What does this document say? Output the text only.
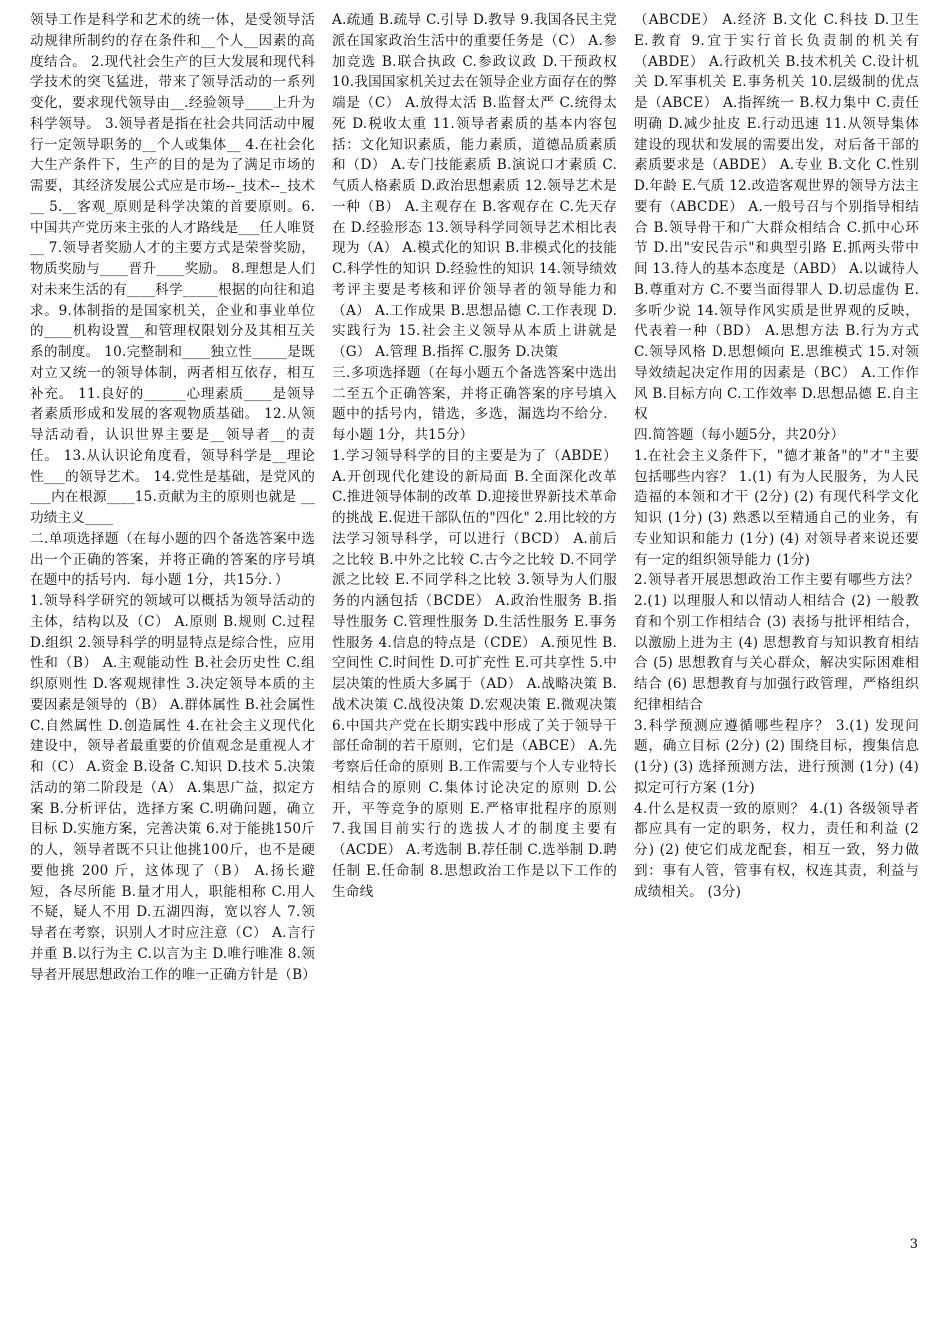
领导工作是科学和艺术的统一体，是受领导活动规律所制约的存在条件和__个人__因素的高度结合。 2.现代社会生产的巨大发展和现代科学技术的突飞猛进，带来了领导活动的一系列变化，要求现代领导由__.经验领导____上升为科学领导。 3.领导者是指在社会共同活动中履行一定领导职务的__个人或集体__ 4.在社会化大生产条件下，生产的目的是为了满足市场的需要，其经济发展公式应是市场--_技术--_技术__ 5.__客观_原则是科学决策的首要原则。6.中国共产党历来主张的人才路线是___任人唯贤__ 7.领导者奖励人才的主要方式是荣誉奖励，物质奖励与____晋升____奖励。 8.理想是人们对未来生活的有____科学_____根据的向往和追求。9.体制指的是国家机关，企业和事业单位的____机构设置__和管理权限划分及其相互关系的制度。 10.完整制和____独立性_____是既对立又统一的领导体制，两者相互依存，相互补充。 11.良好的______心理素质____是领导者素质形成和发展的客观物质基础。 12.从领导活动看，认识世界主要是__领导者__的责任。 13.从认识论角度看，领导科学是__理论性___的领导艺术。 14.党性是基础，是党风的___内在根源____15.贡献为主的原则也就是 __功绩主义____

二.单项选择题（在每小题的四个备选答案中选出一个正确的答案，并将正确的答案的序号填在题中的括号内．每小题 1分，共15分．）

1.领导科学研究的领域可以概括为领导活动的主体，结构以及（C） A.原则 B.规则 C.过程 D.组织 2.领导科学的明显特点是综合性，应用性和（B） A.主观能动性 B.社会历史性 C.组织原则性 D.客观规律性 3.决定领导本质的主要因素是领导的（B） A.群体属性 B.社会属性 C.自然属性 D.创造属性 4.在社会主义现代化建设中，领导者最重要的价值观念是重视人才和（C） A.资金 B.设备 C.知识 D.技术 5.决策活动的第二阶段是（A） A.集思广益，拟定方案 B.分析评估，选择方案 C.明确问题，确立目标 D.实施方案，完善决策 6.对于能挑150斤的人，领导者既不只让他挑100斤，也不是硬要他挑 200 斤，这体现了（B） A.扬长避短，各尽所能 B.量才用人，职能相称 C.用人不疑，疑人不用 D.五湖四海，宽以容人 7.领导者在考察，识别人才时应注意（C） A.言行并重 B.以行为主 C.以言为主 D.唯行唯准 8.领导者开展思想政治工作的唯一正确方针是（B）

A.疏通 B.疏导 C.引导 D.教导 9.我国各民主党派在国家政治生活中的重要任务是（C） A.参加竞选 B.联合执政 C.参政议政 D.干预政权 10.我国国家机关过去在领导企业方面存在的弊端是（C） A.放得太活 B.监督太严 C.统得太死 D.税收太重 11.领导者素质的基本内容包括：文化知识素质，能力素质，道德品质素质和（D） A.专门技能素质 B.演说口才素质 C.气质人格素质 D.政治思想素质 12.领导艺术是一种（B） A.主观存在 B.客观存在 C.先天存在 D.经验形态 13.领导科学同领导艺术相比表现为（A） A.模式化的知识 B.非模式化的技能 C.科学性的知识 D.经验性的知识 14.领导绩效考评主要是考核和评价领导者的领导能力和（A） A.工作成果 B.思想品德 C.工作表现 D.实践行为 15.社会主义领导从本质上讲就是（G） A.管理 B.指挥 C.服务 D.决策

三.多项选择题（在每小题五个备选答案中选出二至五个正确答案，并将正确答案的序号填入题中的括号内，错选，多选，漏选均不给分．每小题 1分，共15分）

1.学习领导科学的目的主要是为了（ABDE） A.开创现代化建设的新局面 B.全面深化改革 C.推进领导体制的改革 D.迎接世界新技术革命的挑战 E.促进干部队伍的"四化" 2.用比较的方法学习领导科学，可以进行（BCD） A.前后之比较 B.中外之比较 C.古今之比较 D.不同学派之比较 E.不同学科之比较 3.领导为人们服务的内涵包括（BCDE） A.政治性服务 B.指导性服务 C.管理性服务 D.生活性服务 E.事务性服务 4.信息的特点是（CDE） A.预见性 B.空间性 C.时间性 D.可扩充性 E.可共享性 5.中层决策的性质大多属于（AD） A.战略决策 B.战术决策 C.战役决策 D.宏观决策 E.微观决策 6.中国共产党在长期实践中形成了关于领导干部任命制的若干原则，它们是（ABCE） A.先考察后任命的原则 B.工作需要与个人专业特长相结合的原则 C.集体讨论决定的原则 D.公开，平等竞争的原则 E.严格审批程序的原则 7.我国目前实行的选拔人才的制度主要有（ACDE） A.考选制 B.荐任制 C.选举制 D.聘任制 E.任命制 8.思想政治工作是以下工作的生命线

（ABCDE） A.经济 B.文化 C.科技 D.卫生 E.教育 9.宜于实行首长负责制的机关有（ABDE） A.行政机关 B.技术机关 C.设计机关 D.军事机关 E.事务机关 10.层级制的优点是（ABCE） A.指挥统一 B.权力集中 C.责任明确 D.减少扯皮 E.行动迅速 11.从领导集体建设的现状和发展的需要出发，对后备干部的素质要求是（ABDE） A.专业 B.文化 C.性别 D.年龄 E.气质 12.改造客观世界的领导方法主要有（ABCDE） A.一般号召与个别指导相结合 B.领导骨干和广大群众相结合 C.抓中心环节 D.出"安民告示"和典型引路 E.抓两头带中间 13.待人的基本态度是（ABD） A.以诚待人 B.尊重对方 C.不要当面得罪人 D.切忌虚伪 E.多听少说 14.领导作风实质是世界观的反映，代表着一种（BD） A.思想方法 B.行为方式 C.领导风格 D.思想倾向 E.思维模式 15.对领导效绩起决定作用的因素是（BC） A.工作作风 B.目标方向 C.工作效率 D.思想品德 E.自主权

四.简答题（每小题5分，共20分）

1.在社会主义条件下，"德才兼备"的"才"主要包括哪些内容？ 1.(1) 有为人民服务，为人民造福的本领和才干 (2分) (2) 有现代科学文化知识 (1分) (3) 熟悉以至精通自己的业务，有专业知识和能力 (1分) (4) 对领导者来说还要有一定的组织领导能力 (1分)

2.领导者开展思想政治工作主要有哪些方法？ 2.(1) 以理服人和以情动人相结合 (2) 一般教育和个别工作相结合 (3) 表扬与批评相结合，以激励上进为主 (4) 思想教育与知识教育相结合 (5) 思想教育与关心群众，解决实际困难相结合 (6) 思想教育与加强行政管理，严格组织纪律相结合

3.科学预测应遵循哪些程序？ 3.(1) 发现问题，确立目标 (2分) (2) 围绕目标，搜集信息 (1分) (3) 选择预测方法，进行预测 (1分) (4) 拟定可行方案 (1分)

4.什么是权责一致的原则？ 4.(1) 各级领导者都应具有一定的职务，权力，责任和利益 (2分) (2) 使它们成龙配套，相互一致，努力做到：事有人管，管事有权，权连其责，利益与成绩相关。 (3分)

3
